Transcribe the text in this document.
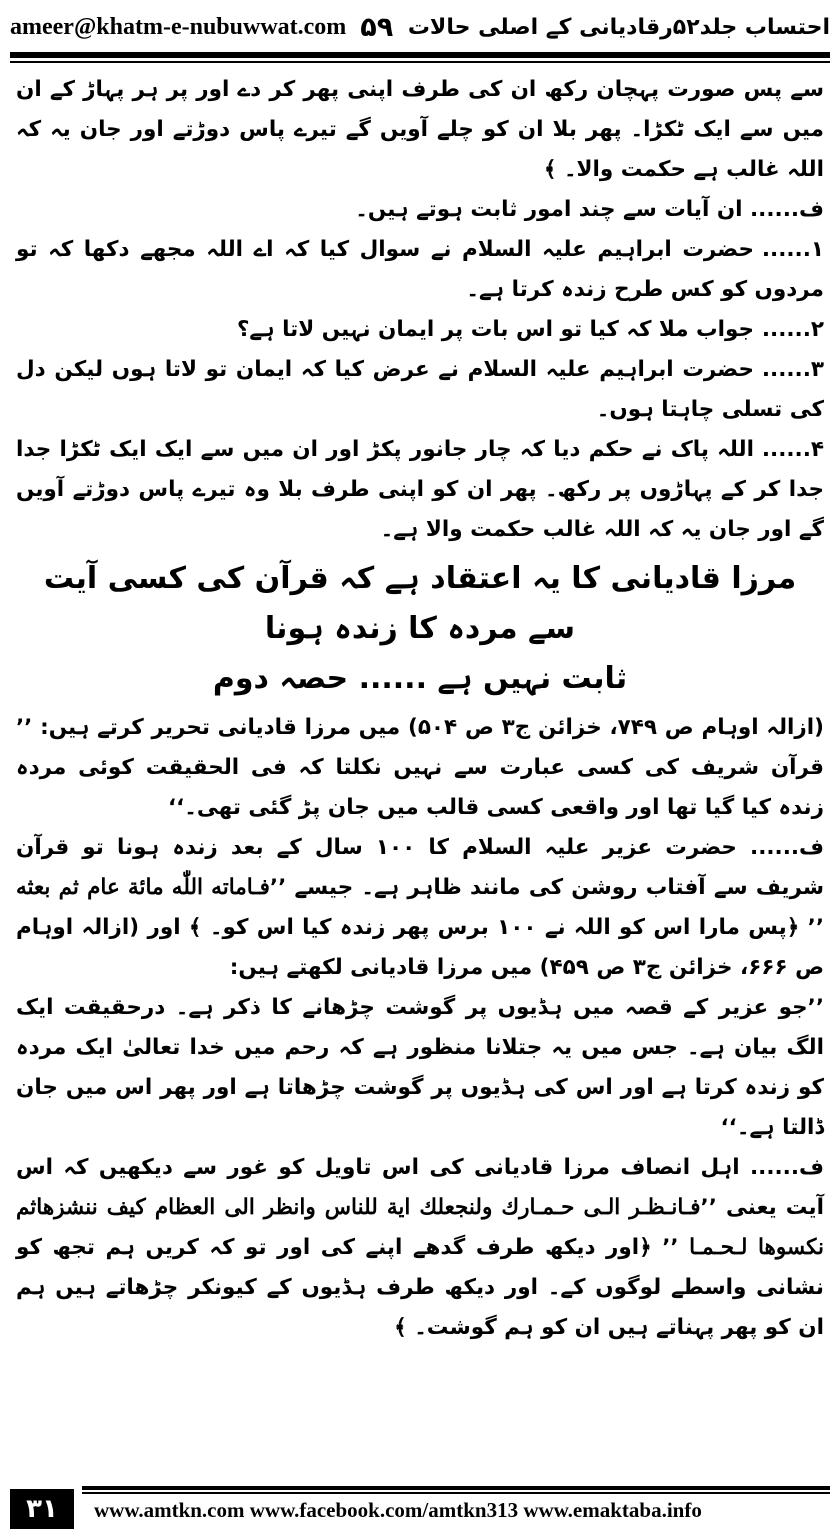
ameer@khatm-e-nubuwwat.com ۵۹ احتساب جلد۵۲رقادیانی کے اصلی حالات

سے پس صورت پہچان رکھ ان کی طرف اپنی پھر کر دے اور پر ہر پہاڑ کے ان میں سے ایک ٹکڑا۔ پھر بلا ان کو چلے آویں گے تیرے پاس دوڑتے اور جان یہ کہ اللہ غالب ہے حکمت والا۔ ﴾

ف...... ان آیات سے چند امور ثابت ہوتے ہیں۔

۱......حضرت ابراہیم علیہ السلام نے سوال کیا کہ اے اللہ مجھے دکھا کہ تو مردوں کو کس طرح زندہ کرتا ہے۔

۲......جواب ملا کہ کیا تو اس بات پر ایمان نہیں لاتا ہے؟

۳......حضرت ابراہیم علیہ السلام نے عرض کیا کہ ایمان تو لاتا ہوں لیکن دل کی تسلی چاہتا ہوں۔

۴......اللہ پاک نے حکم دیا کہ چار جانور پکڑ اور ان میں سے ایک ایک ٹکڑا جدا جدا کر کے پہاڑوں پر رکھ۔ پھر ان کو اپنی طرف بلا وہ تیرے پاس دوڑتے آویں گے اور جان یہ کہ اللہ غالب حکمت والا ہے۔

مرزا قادیانی کا یہ اعتقاد ہے کہ قرآن کی کسی آیت سے مردہ کا زندہ ہونا
ثابت نہیں ہے ...... حصہ دوم

(ازالہ اوہام ص ۷۴۹، خزائن ج۳ ص ۵۰۴) میں مرزا قادیانی تحریر کرتے ہیں: ’’ قرآن شریف کی کسی عبارت سے نہیں نکلتا کہ فی الحقیقت کوئی مردہ زندہ کیا گیا تھا اور واقعی کسی قالب میں جان پڑ گئی تھی۔‘‘

ف...... حضرت عزیر علیہ السلام کا ۱۰۰ سال کے بعد زندہ ہونا تو قرآن شریف سے آفتاب روشن کی مانند ظاہر ہے۔ جیسے ’’فـاماته اللّٰه مائة عام ثم بعثه ’’ ﴿پس مارا اس کو اللہ نے ۱۰۰ برس پھر زندہ کیا اس کو۔ ﴾ اور (ازالہ اوہام ص ۶۶۶، خزائن ج۳ ص ۴۵۹) میں مرزا قادیانی لکھتے ہیں:

’’جو عزیر کے قصہ میں ہڈیوں پر گوشت چڑھانے کا ذکر ہے۔ درحقیقت ایک الگ بیان ہے۔ جس میں یہ جتلانا منظور ہے کہ رحم میں خدا تعالیٰ ایک مردہ کو زندہ کرتا ہے اور اس کی ہڈیوں پر گوشت چڑھاتا ہے اور پھر اس میں جان ڈالتا ہے۔‘‘

ف...... اہل انصاف مرزا قادیانی کی اس تاویل کو غور سے دیکھیں کہ اس آیت یعنی ’’فـانـظـر الـى حـمـارك ولنجعلك اية للناس وانظر الى العظام كيف ننشزهاثم نكسوها لـحـمـا ’’ ﴿اور دیکھ طرف گدھے اپنے کی اور تو کہ کریں ہم تجھ کو نشانی واسطے لوگوں کے۔ اور دیکھ طرف ہڈیوں کے کیونکر چڑھاتے ہیں ہم ان کو پھر پہناتے ہیں ان کو ہم گوشت۔ ﴾

۳۱	www.amtkn.com www.facebook.com/amtkn313 www.emaktaba.info
